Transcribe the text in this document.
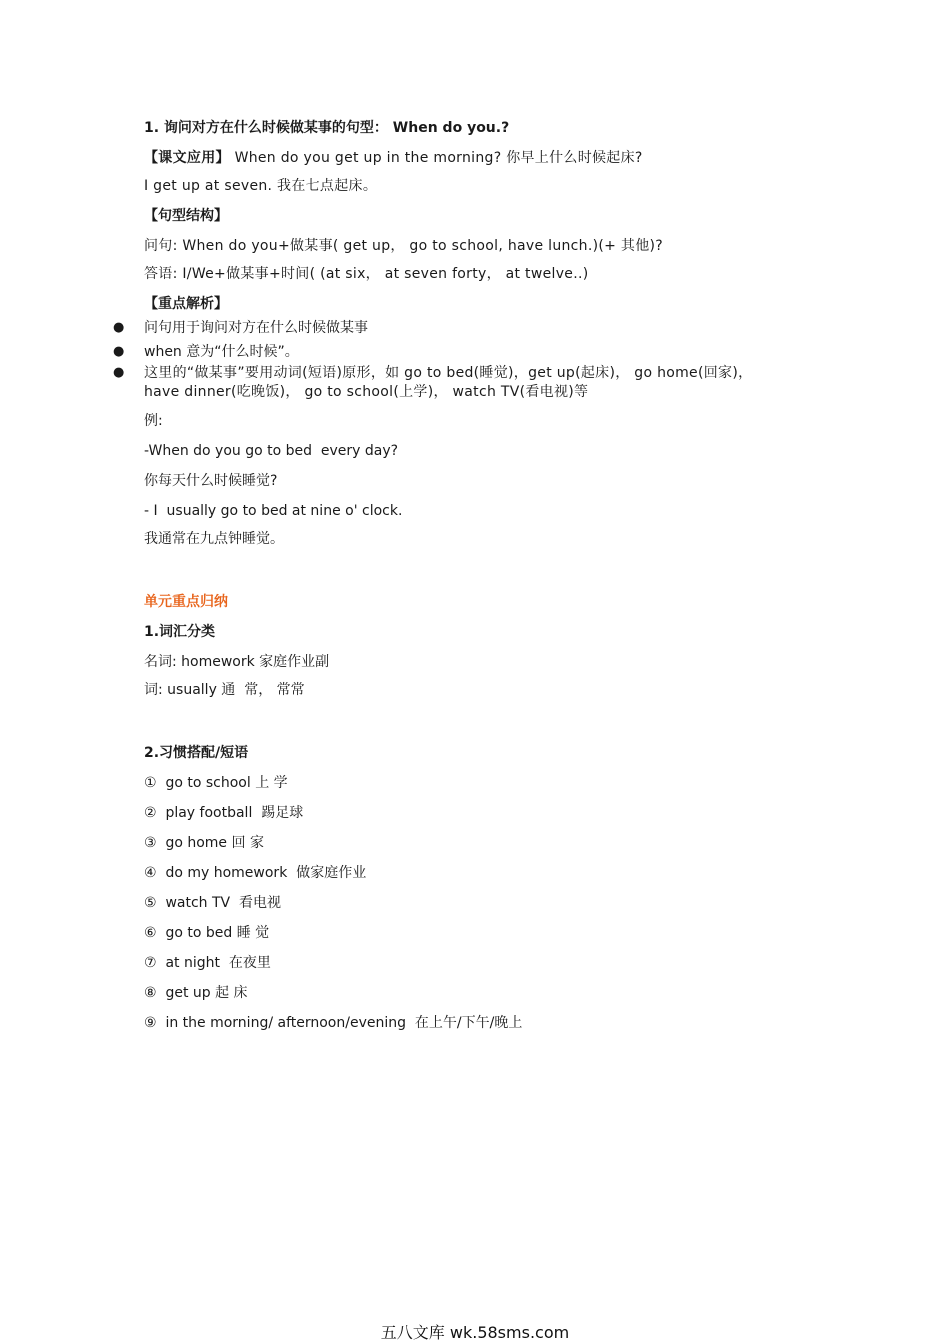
1. 询问对方在什么时候做某事的句型： When do you.?
【课文应用】 When do you get up in the morning? 你早上什么时候起床?
I get up at seven. 我在七点起床。
【句型结构】
问句: When do you+做某事( get up， go to school, have lunch.)(+ 其他)?
答语: I/We+做某事+时间( (at six， at seven forty， at twelve..)
【重点解析】
● 问句用于询问对方在什么时候做某事
● when 意为“什么时候”。
● 这里的“做某事”要用动词(短语)原形，如 go to bed(睡觉)，get up(起床)， go home(回家)，
have dinner(吃晚饭)， go to school(上学)， watch TV(看电视)等
例:
-When do you go to bed  every day?
你每天什么时候睡觉?
- I  usually go to bed at nine o' clock.
我通常在九点钟睡觉。
单元重点归纳
1.词汇分类
名词: homework 家庭作业副
词: usually 通  常， 常常
2.习惯搭配/短语
①  go to school 上 学
②  play football  踢足球
③  go home 回 家
④  do my homework  做家庭作业
⑤  watch TV  看电视
⑥  go to bed 睡 觉
⑦  at night  在夜里
⑧  get up 起 床
⑨  in the morning/ afternoon/evening  在上午/下午/晚上
五八文库 wk.58sms.com
